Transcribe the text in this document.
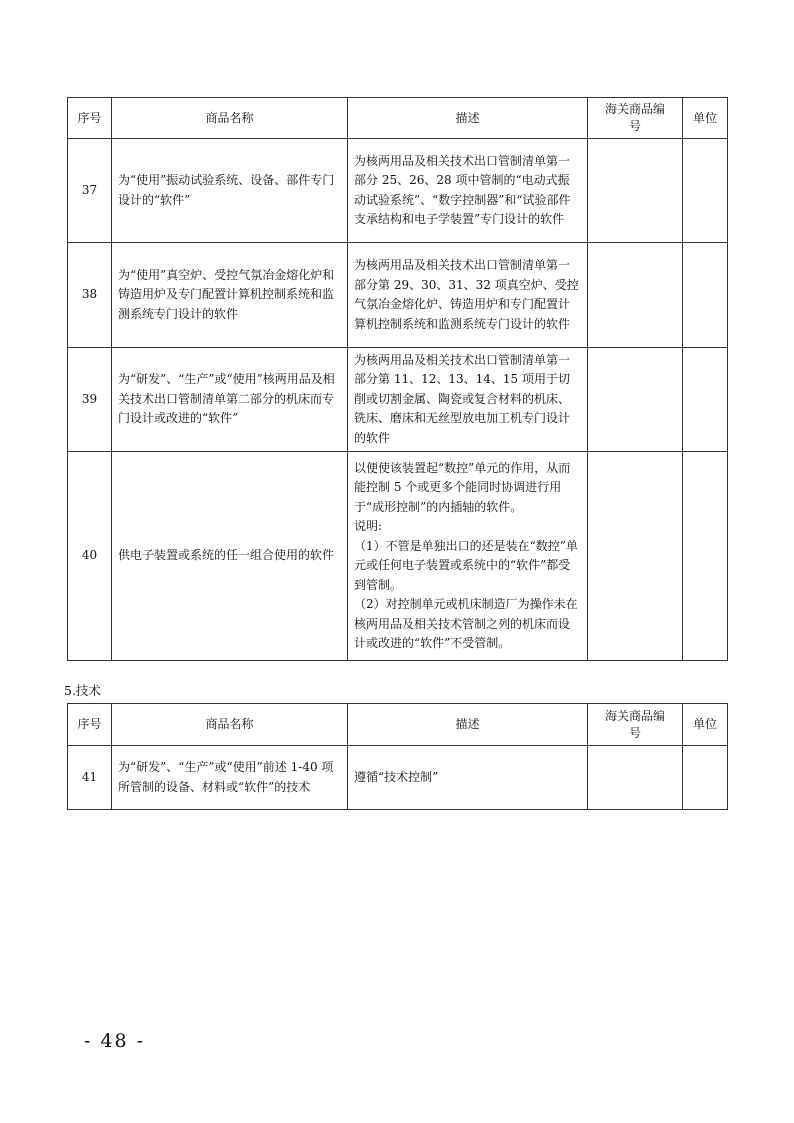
序号	商品名称	描述	海关商品编号	单位
37	为“使用”振动试验系统、设备、部件专门设计的“软件”	为核两用品及相关技术出口管制清单第一部分 25、26、28 项中管制的“电动式振动试验系统”、“数字控制器”和“试验部件支承结构和电子学装置”专门设计的软件		
38	为“使用”真空炉、受控气氛冶金熔化炉和铸造用炉及专门配置计算机控制系统和监测系统专门设计的软件	为核两用品及相关技术出口管制清单第一部分第 29、30、31、32 项真空炉、受控气氛冶金熔化炉、铸造用炉和专门配置计算机控制系统和监测系统专门设计的软件		
39	为“研发”、“生产”或“使用”核两用品及相关技术出口管制清单第二部分的机床而专门设计或改进的“软件”	为核两用品及相关技术出口管制清单第一部分第 11、12、13、14、15 项用于切削或切割金属、陶瓷或复合材料的机床、铣床、磨床和无丝型放电加工机专门设计的软件		
40	供电子装置或系统的任一组合使用的软件	以便使该装置起“数控”单元的作用，从而能控制 5 个或更多个能同时协调进行用于“成形控制”的内插轴的软件。
说明:
（1）不管是单独出口的还是装在“数控”单元或任何电子装置或系统中的“软件”都受到管制。
（2）对控制单元或机床制造厂为操作未在核两用品及相关技术管制之列的机床而设计或改进的“软件”不受管制。		

5.技术
序号	商品名称	描述	海关商品编号	单位
41	为“研发”、“生产”或“使用”前述 1-40 项所管制的设备、材料或“软件”的技术	遵循“技术控制”		
- 48 -
